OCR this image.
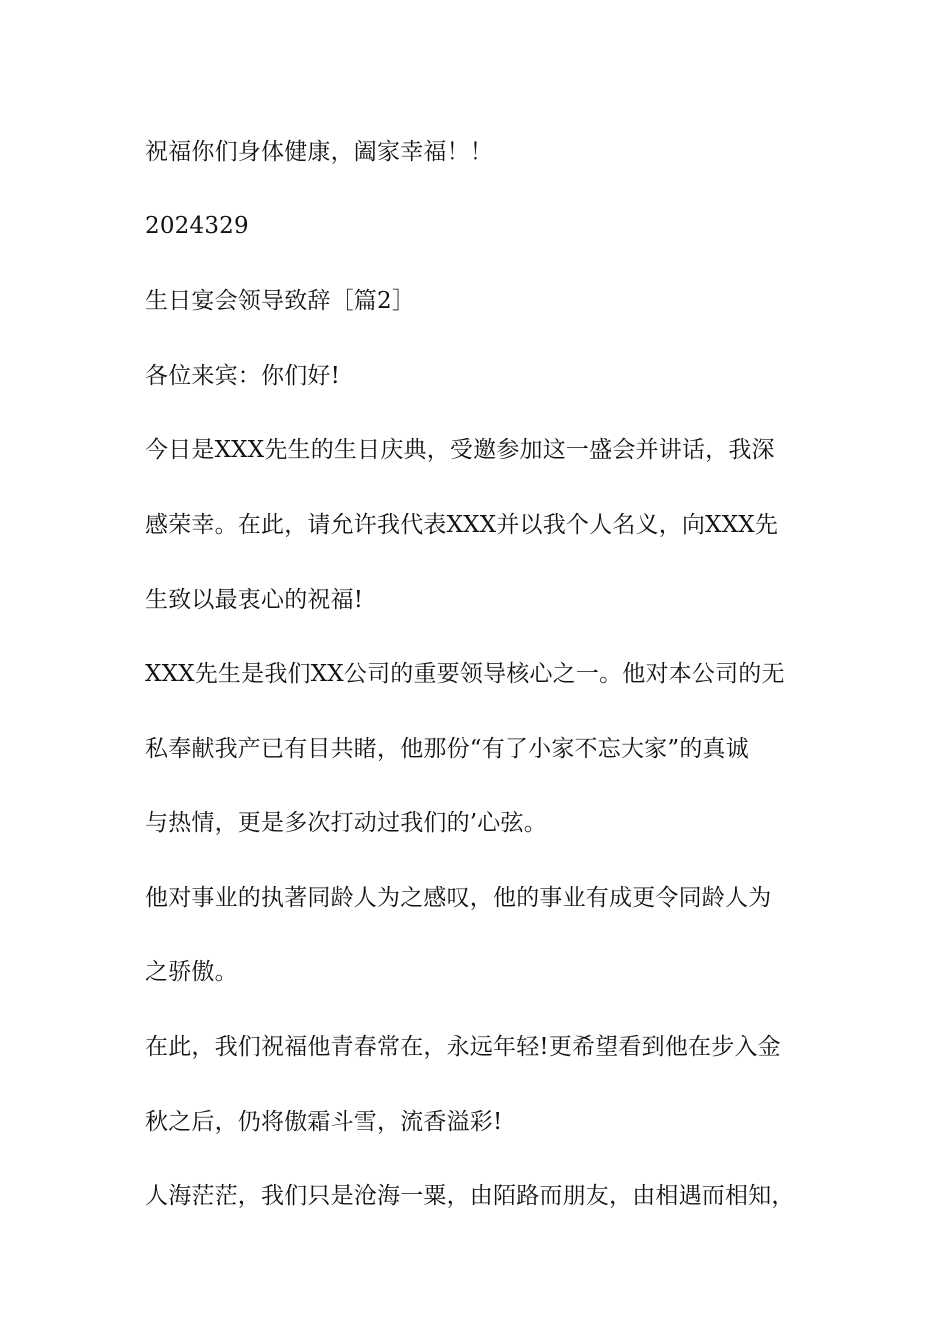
祝福你们身体健康，阖家幸福！！
2024329
生日宴会领导致辞［篇2］
各位来宾：你们好!
今日是XXX先生的生日庆典，受邀参加这一盛会并讲话，我深
感荣幸。在此，请允许我代表XXX并以我个人名义，向XXX先
生致以最衷心的祝福!
XXX先生是我们XX公司的重要领导核心之一。他对本公司的无
私奉献我产已有目共睹，他那份“有了小家不忘大家”的真诚
与热情，更是多次打动过我们的’心弦。
他对事业的执著同龄人为之感叹，他的事业有成更令同龄人为
之骄傲。
在此，我们祝福他青春常在，永远年轻!更希望看到他在步入金
秋之后，仍将傲霜斗雪，流香溢彩!
人海茫茫，我们只是沧海一粟，由陌路而朋友，由相遇而相知，
